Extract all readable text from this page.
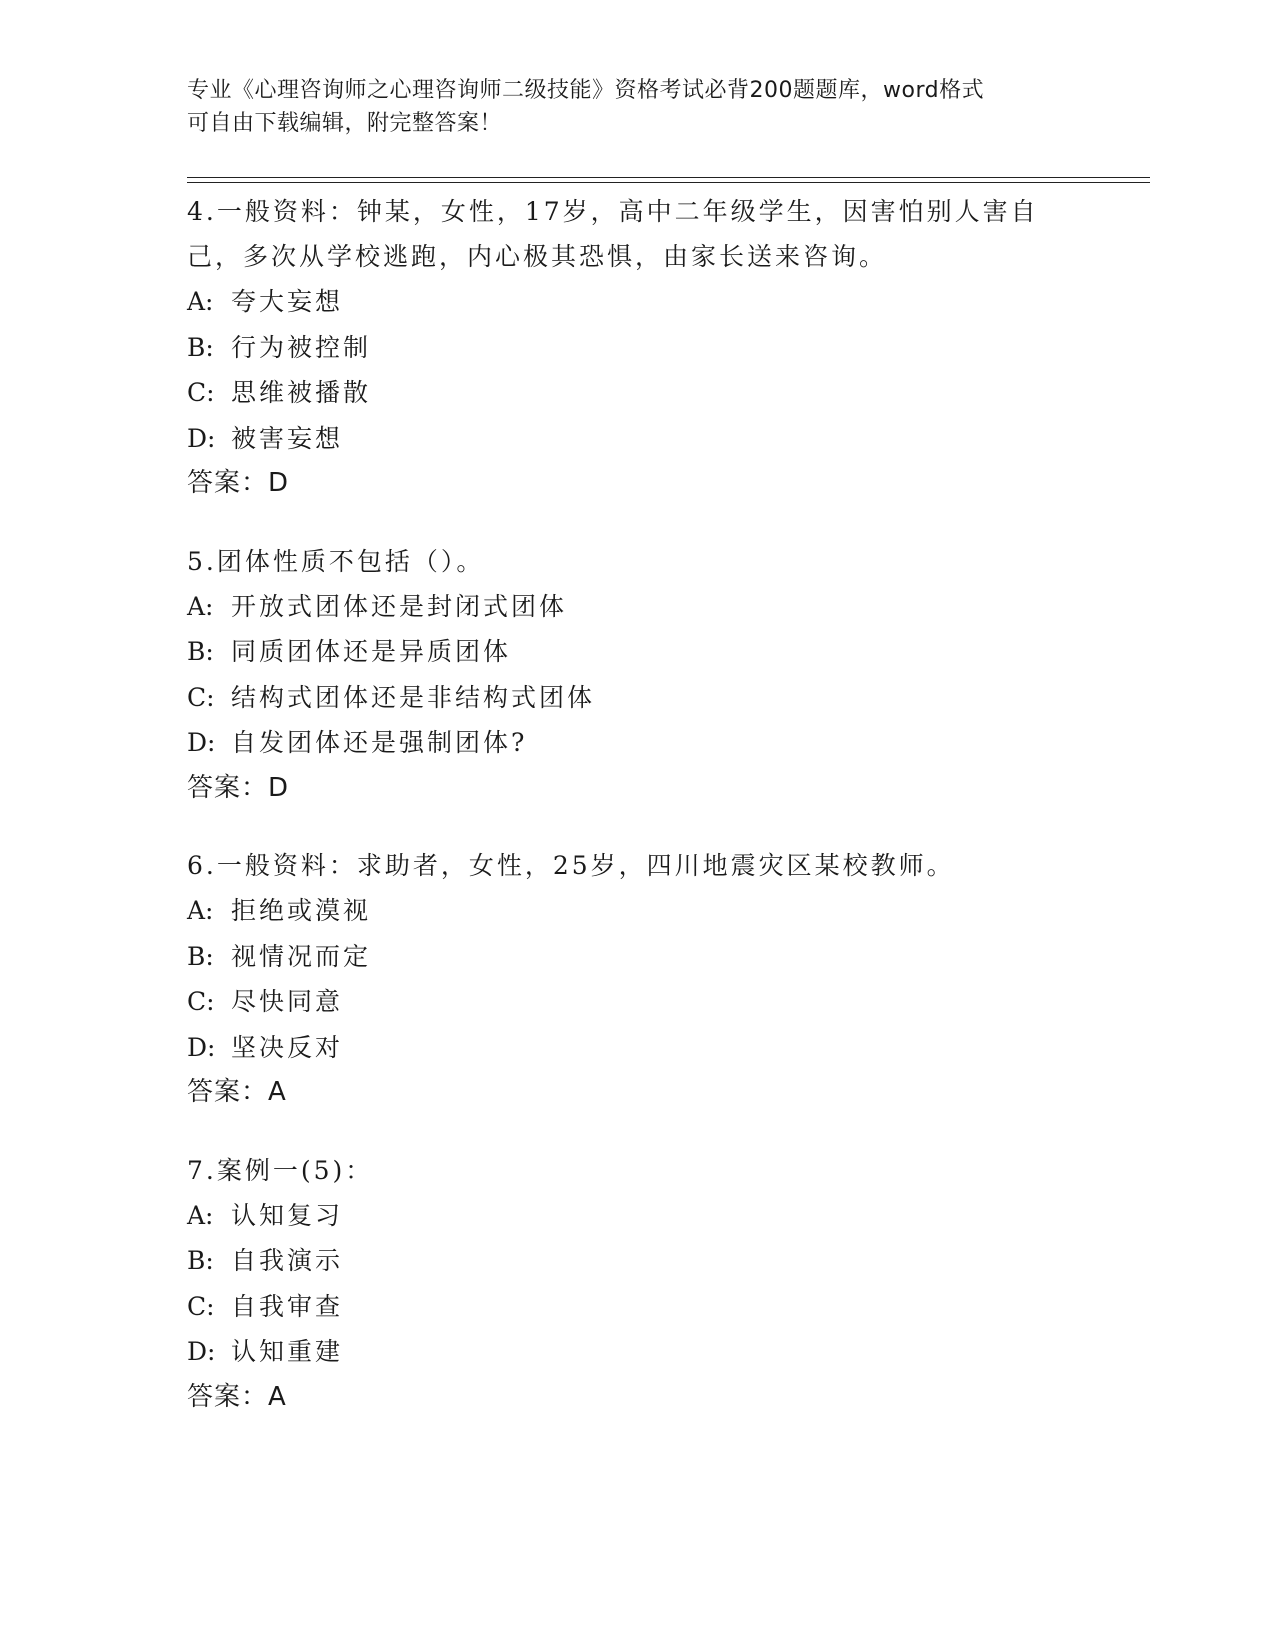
专业《心理咨询师之心理咨询师二级技能》资格考试必背200题题库，word格式
可自由下载编辑，附完整答案！
4.一般资料：钟某，女性，17岁，高中二年级学生，因害怕别人害自
己，多次从学校逃跑，内心极其恐惧，由家长送来咨询。
A: 夸大妄想
B: 行为被控制
C: 思维被播散
D: 被害妄想
答案：D
5.团体性质不包括（）。
A: 开放式团体还是封闭式团体
B: 同质团体还是异质团体
C: 结构式团体还是非结构式团体
D: 自发团体还是强制团体?
答案：D
6.一般资料：求助者，女性，25岁，四川地震灾区某校教师。
A: 拒绝或漠视
B: 视情况而定
C: 尽快同意
D: 坚决反对
答案：A
7.案例一(5)：
A: 认知复习
B: 自我演示
C: 自我审查
D: 认知重建
答案：A
